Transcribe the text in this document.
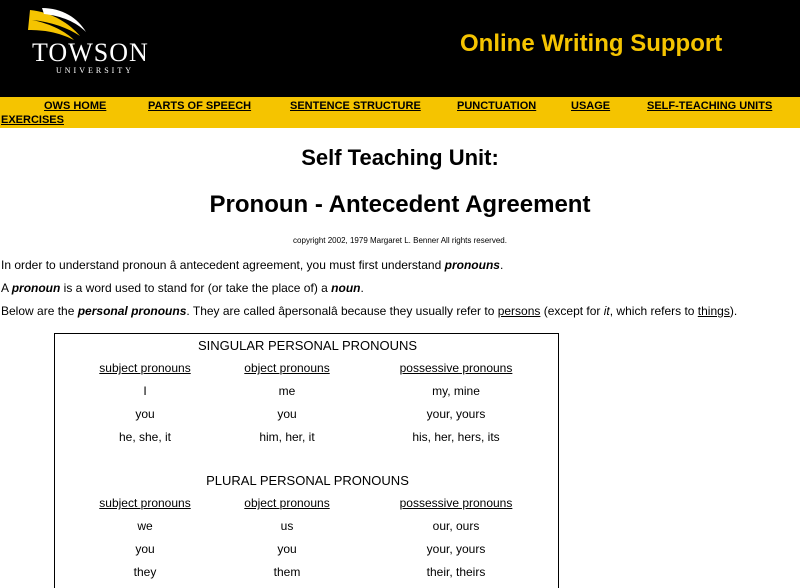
TOWSON
UNIVERSITY
Online Writing Support
OWS HOME	PARTS OF SPEECH	SENTENCE STRUCTURE	PUNCTUATION	USAGE	SELF-TEACHING UNITS
EXERCISES
Self Teaching Unit:
Pronoun - Antecedent Agreement
copyright 2002, 1979 Margaret L. Benner All rights reserved.
In order to understand pronoun â antecedent agreement, you must first understand pronouns.
A pronoun is a word used to stand for (or take the place of) a noun.
Below are the personal pronouns. They are called âpersonalâ because they usually refer to persons (except for it, which refers to things).
SINGULAR PERSONAL PRONOUNS
subject pronouns	object pronouns	possessive pronouns
I	me	my, mine
you	you	your, yours
he, she, it	him, her, it	his, her, hers, its
PLURAL PERSONAL PRONOUNS
subject pronouns	object pronouns	possessive pronouns
we	us	our, ours
you	you	your, yours
they	them	their, theirs
